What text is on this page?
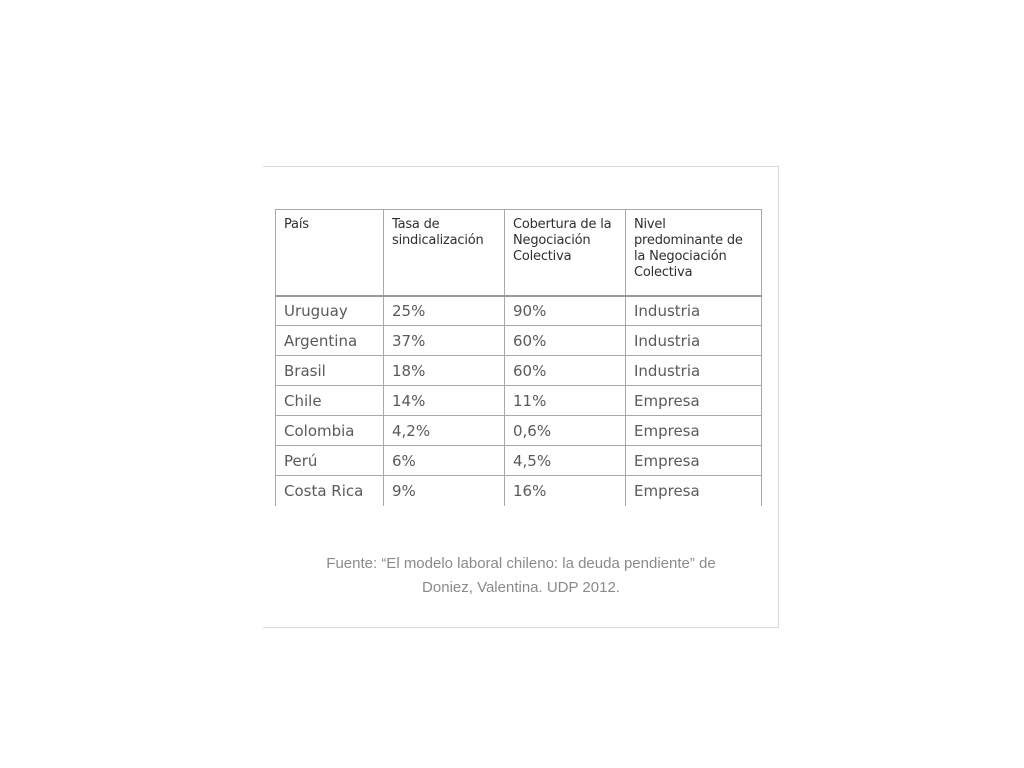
País	Tasa de sindicalización	Cobertura de la Negociación Colectiva	Nivel predominante de la Negociación Colectiva
Uruguay	25%	90%	Industria
Argentina	37%	60%	Industria
Brasil	18%	60%	Industria
Chile	14%	11%	Empresa
Colombia	4,2%	0,6%	Empresa
Perú	6%	4,5%	Empresa
Costa Rica	9%	16%	Empresa
Fuente: “El modelo laboral chileno: la deuda pendiente” de
Doniez, Valentina. UDP 2012.
